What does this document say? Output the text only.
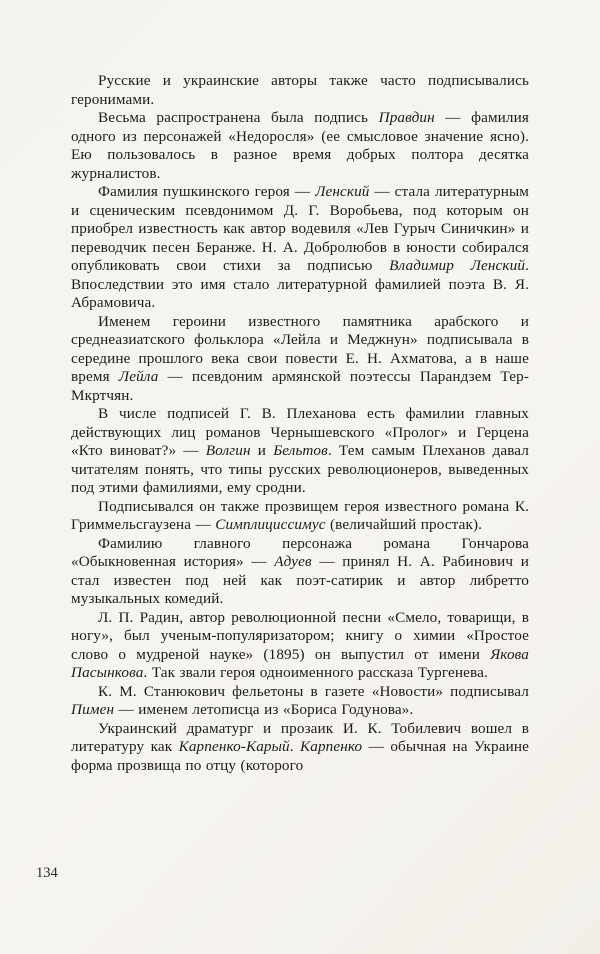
Русские и украинские авторы также часто подписывались геронимами.

Весьма распространена была подпись Правдин — фамилия одного из персонажей «Недоросля» (ее смысловое значение ясно). Ею пользовалось в разное время добрых полтора десятка журналистов.

Фамилия пушкинского героя — Ленский — стала литературным и сценическим псевдонимом Д. Г. Воробьева, под которым он приобрел известность как автор водевиля «Лев Гурыч Синичкин» и переводчик песен Беранже. Н. А. Добролюбов в юности собирался опубликовать свои стихи за подписью Владимир Ленский. Впоследствии это имя стало литературной фамилией поэта В. Я. Абрамовича.

Именем героини известного памятника арабского и среднеазиатского фольклора «Лейла и Меджнун» подписывала в середине прошлого века свои повести Е. Н. Ахматова, а в наше время Лейла — псевдоним армянской поэтессы Парандзем Тер-Мкртчян.

В числе подписей Г. В. Плеханова есть фамилии главных действующих лиц романов Чернышевского «Пролог» и Герцена «Кто виноват?» — Волгин и Бельтов. Тем самым Плеханов давал читателям понять, что типы русских революционеров, выведенных под этими фамилиями, ему сродни.

Подписывался он также прозвищем героя известного романа К. Гриммельсгаузена — Симплициссимус (величайший простак).

Фамилию главного персонажа романа Гончарова «Обыкновенная история» — Адуев — принял Н. А. Рабинович и стал известен под ней как поэт-сатирик и автор либретто музыкальных комедий.

Л. П. Радин, автор революционной песни «Смело, товарищи, в ногу», был ученым-популяризатором; книгу о химии «Простое слово о мудреной науке» (1895) он выпустил от имени Якова Пасынкова. Так звали героя одноименного рассказа Тургенева.

К. М. Станюкович фельетоны в газете «Новости» подписывал Пимен — именем летописца из «Бориса Годунова».

Украинский драматург и прозаик И. К. Тобилевич вошел в литературу как Карпенко-Карый. Карпенко — обычная на Украине форма прозвища по отцу (которого

134
